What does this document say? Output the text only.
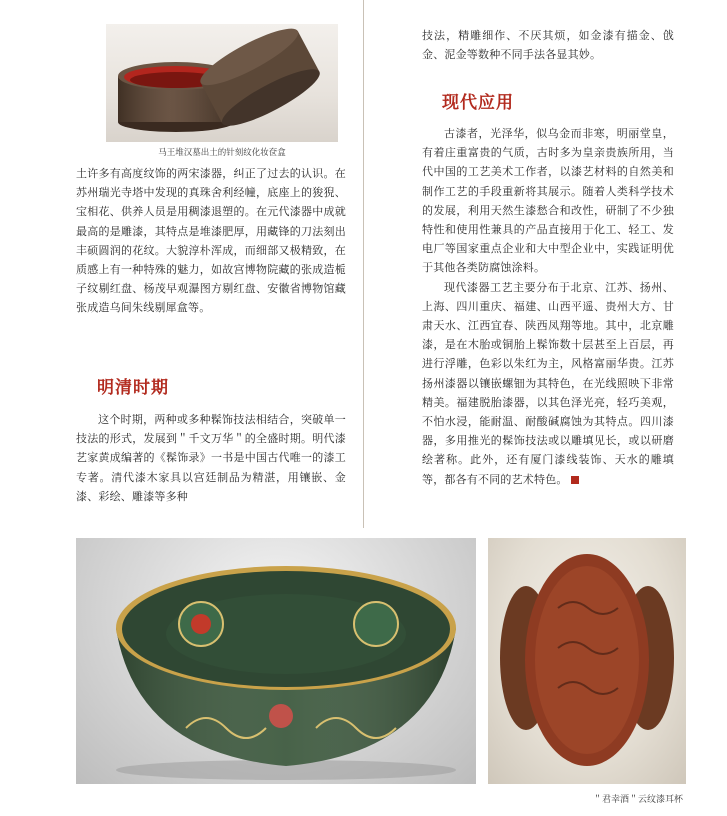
马王堆汉墓出土的针刻纹化妆奁盒

土许多有高度纹饰的两宋漆器，纠正了过去的认识。在苏州瑞光寺塔中发现的真珠舍利经幢，底座上的狻猊、宝相花、供养人员是用稠漆退塑的。在元代漆器中成就最高的是雕漆，其特点是堆漆肥厚，用藏锋的刀法刻出丰硕圆润的花纹。大貌淳朴浑成，而细部又极精致，在质感上有一种特殊的魅力，如故宫博物院藏的张成造栀子纹剔红盘、杨茂早观瀑图方剔红盘、安徽省博物馆藏张成造乌间朱线剔犀盒等。

明清时期

这个时期，两种或多种髹饰技法相结合，突破单一技法的形式，发展到＂千文万华＂的全盛时期。明代漆艺家黄成编著的《髹饰录》一书是中国古代唯一的漆工专著。清代漆木家具以宫廷制品为精湛，用镶嵌、金漆、彩绘、雕漆等多种

技法，精雕细作、不厌其烦，如金漆有描金、戗金、泥金等数种不同手法各显其妙。

现代应用

古漆者，光泽华，似乌金而非寒，明丽堂皇，有着庄重富贵的气质，古时多为皇亲贵族所用，当代中国的工艺美术工作者，以漆艺材料的自然美和制作工艺的手段重新将其展示。随着人类科学技术的发展，利用天然生漆愁合和改性，研制了不少独特性和使用性兼具的产品直接用于化工、轻工、发电厂等国家重点企业和大中型企业中，实践证明优于其他各类防腐蚀涂料。

现代漆器工艺主要分布于北京、江苏、扬州、上海、四川重庆、福建、山西平遥、贵州大方、甘肃天水、江西宜春、陕西凤翔等地。其中，北京雕漆，是在木胎或铜胎上髹饰数十层甚至上百层，再进行浮雕，色彩以朱红为主，风格富丽华贵。江苏扬州漆器以镶嵌螺钿为其特色，在光线照映下非常精美。福建脱胎漆器，以其色泽光亮，轻巧美观，不怕水浸，能耐温、耐酸碱腐蚀为其特点。四川漆器，多用推光的髹饰技法或以雕填见长，或以研磨绘著称。此外，还有厦门漆线装饰、天水的雕填等，都各有不同的艺术特色。

＂君幸酒＂云纹漆耳杯
